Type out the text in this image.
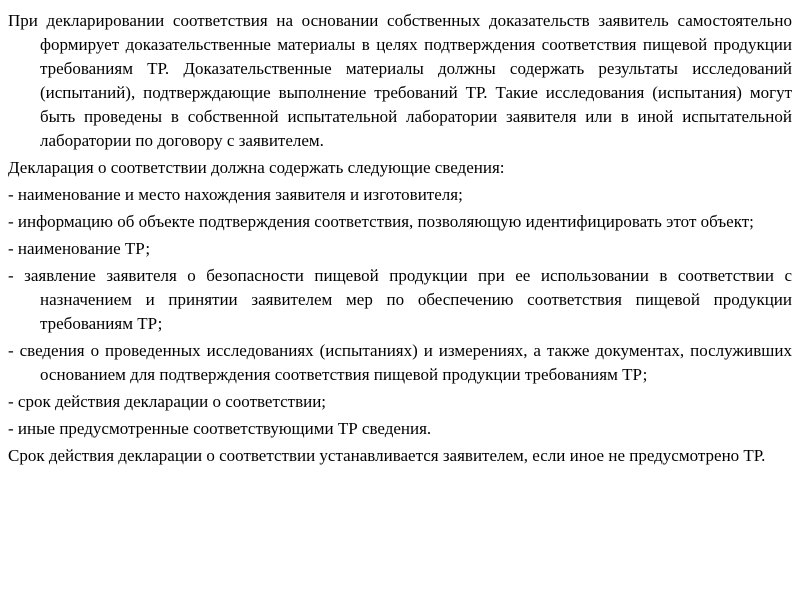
При декларировании соответствия на основании собственных доказательств заявитель самостоятельно формирует доказательственные материалы в целях подтверждения соответствия пищевой продукции требованиям ТР. Доказательственные материалы должны содержать результаты исследований (испытаний), подтверждающие выполнение требований ТР. Такие исследования (испытания) могут быть проведены в собственной испытательной лаборатории заявителя или в иной испытательной лаборатории по договору с заявителем.

Декларация о соответствии должна содержать следующие сведения:

- наименование и место нахождения заявителя и изготовителя;

- информацию об объекте подтверждения соответствия, позволяющую идентифицировать этот объект;

- наименование ТР;

- заявление заявителя о безопасности пищевой продукции при ее использовании в соответствии с назначением и принятии заявителем мер по обеспечению соответствия пищевой продукции требованиям ТР;

- сведения о проведенных исследованиях (испытаниях) и измерениях, а также документах, послуживших основанием для подтверждения соответствия пищевой продукции требованиям ТР;

- срок действия декларации о соответствии;

- иные предусмотренные соответствующими ТР сведения.

Срок действия декларации о соответствии устанавливается заявителем, если иное не предусмотрено ТР.
